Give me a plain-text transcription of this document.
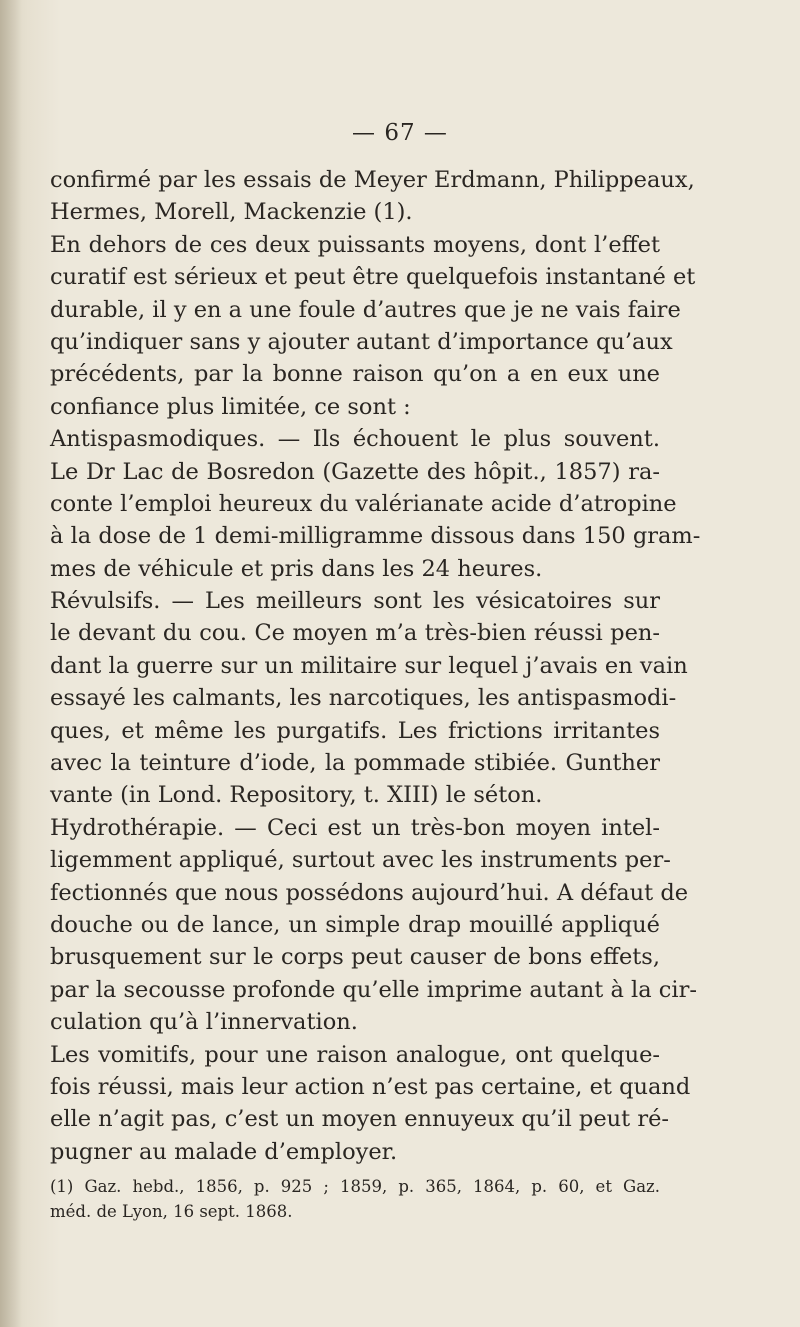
— 67 —
confirmé par les essais de Meyer Erdmann, Philippeaux,
Hermes, Morell, Mackenzie (1).
En dehors de ces deux puissants moyens, dont l’effet
curatif est sérieux et peut être quelquefois instantané et
durable, il y en a une foule d’autres que je ne vais faire
qu’indiquer sans y ajouter autant d’importance qu’aux
précédents, par la bonne raison qu’on a en eux une
confiance plus limitée, ce sont :
Antispasmodiques. — Ils échouent le plus souvent.
Le Dr Lac de Bosredon (Gazette des hôpit., 1857) ra-
conte l’emploi heureux du valérianate acide d’atropine
à la dose de 1 demi-milligramme dissous dans 150 gram-
mes de véhicule et pris dans les 24 heures.
Révulsifs. — Les meilleurs sont les vésicatoires sur
le devant du cou. Ce moyen m’a très-bien réussi pen-
dant la guerre sur un militaire sur lequel j’avais en vain
essayé les calmants, les narcotiques, les antispasmodi-
ques, et même les purgatifs. Les frictions irritantes
avec la teinture d’iode, la pommade stibiée. Gunther
vante (in Lond. Repository, t. XIII) le séton.
Hydrothérapie. — Ceci est un très-bon moyen intel-
ligemment appliqué, surtout avec les instruments per-
fectionnés que nous possédons aujourd’hui. A défaut de
douche ou de lance, un simple drap mouillé appliqué
brusquement sur le corps peut causer de bons effets,
par la secousse profonde qu’elle imprime autant à la cir-
culation qu’à l’innervation.
Les vomitifs, pour une raison analogue, ont quelque-
fois réussi, mais leur action n’est pas certaine, et quand
elle n’agit pas, c’est un moyen ennuyeux qu’il peut ré-
pugner au malade d’employer.
(1) Gaz. hebd., 1856, p. 925 ; 1859, p. 365, 1864, p. 60, et Gaz.
méd. de Lyon, 16 sept. 1868.
